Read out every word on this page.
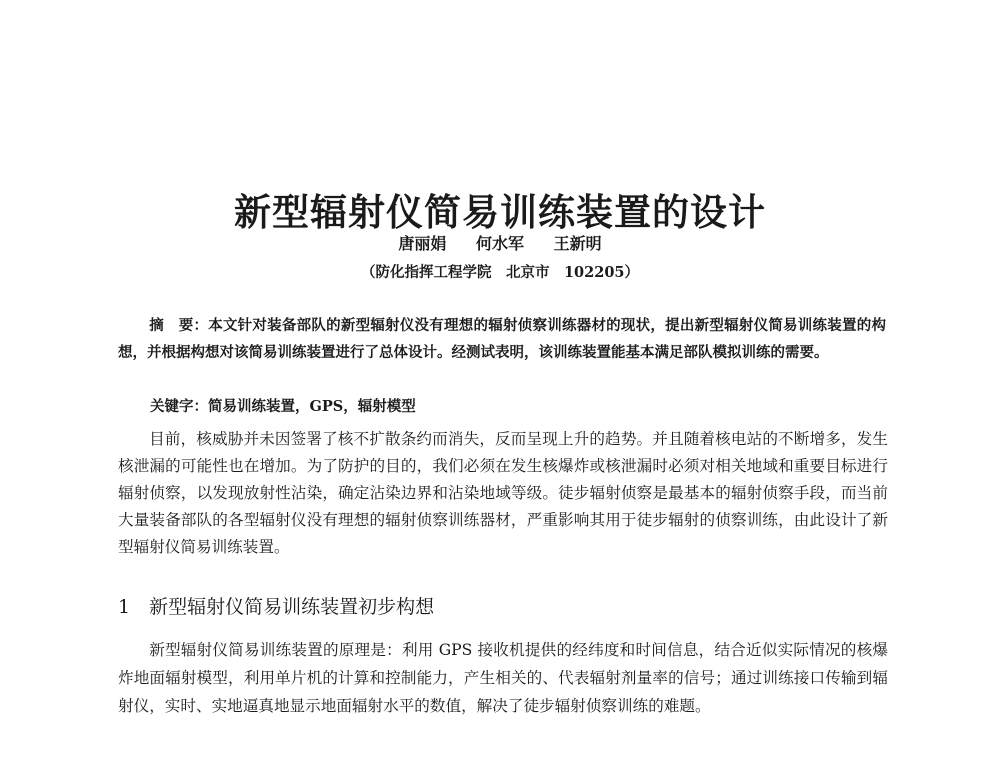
新型辐射仪简易训练装置的设计
唐丽娟 何水军 王新明
（防化指挥工程学院　北京市　102205）

摘　要：本文针对装备部队的新型辐射仪没有理想的辐射侦察训练器材的现状，提出新型辐射仪简易训练装置的构想，并根据构想对该简易训练装置进行了总体设计。经测试表明，该训练装置能基本满足部队模拟训练的需要。

关键字：简易训练装置，GPS，辐射模型

目前，核威胁并未因签署了核不扩散条约而消失，反而呈现上升的趋势。并且随着核电站的不断增多，发生核泄漏的可能性也在增加。为了防护的目的，我们必须在发生核爆炸或核泄漏时必须对相关地域和重要目标进行辐射侦察，以发现放射性沾染，确定沾染边界和沾染地域等级。徒步辐射侦察是最基本的辐射侦察手段，而当前大量装备部队的各型辐射仪没有理想的辐射侦察训练器材，严重影响其用于徒步辐射的侦察训练，由此设计了新型辐射仪简易训练装置。

1　新型辐射仪简易训练装置初步构想

新型辐射仪简易训练装置的原理是：利用 GPS 接收机提供的经纬度和时间信息，结合近似实际情况的核爆炸地面辐射模型，利用单片机的计算和控制能力，产生相关的、代表辐射剂量率的信号；通过训练接口传输到辐射仪，实时、实地逼真地显示地面辐射水平的数值，解决了徒步辐射侦察训练的难题。
